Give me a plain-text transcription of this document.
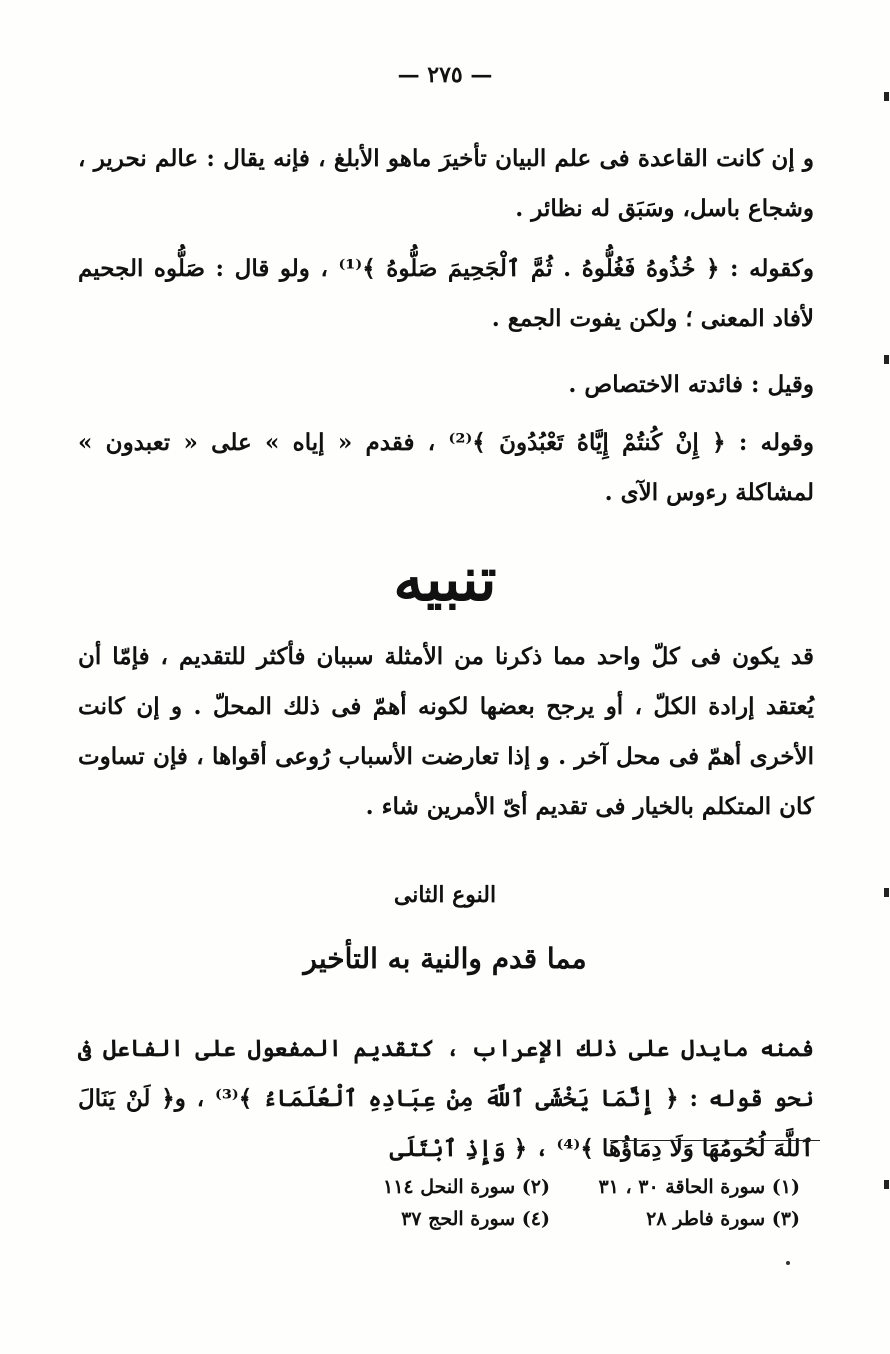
— ٢٧٥ —
و إن كانت القاعدة فى علم البيان تأخيرَ ماهو الأبلغ ، فإنه يقال : عالم نحرير ، وشجاع باسل، وسَبَق له نظائر .
وكقوله : ﴿ خُذُوهُ فَغُلُّوهُ . ثُمَّ ٱلْجَحِيمَ صَلُّوهُ ﴾⁽¹⁾ ، ولو قال : صَلُّوه الجحيم لأفاد المعنى ؛ ولكن يفوت الجمع .
وقيل : فائدته الاختصاص .
وقوله : ﴿ إِنْ كُنتُمْ إِيَّاهُ تَعْبُدُونَ ﴾⁽²⁾ ، فقدم « إياه » على « تعبدون » لمشاكلة رءوس الآى .
تنبيه
قد يكون فى كلّ واحد مما ذكرنا من الأمثلة سببان فأكثر للتقديم ، فإمّا أن يُعتقد إرادة الكلّ ، أو يرجح بعضها لكونه أهمّ فى ذلك المحلّ . و إن كانت الأخرى أهمّ فى محل آخر . و إذا تعارضت الأسباب رُوعى أقواها ، فإن تساوت كان المتكلم بالخيار فى تقديم أىّ الأمرين شاء .
النوع الثانى
مما قدم والنية به التأخير
فمنه مايدل على ذلك الإعراب ، كتقديم المفعول على الفاعل فى نحو قوله : ﴿ إِنَّمَا يَخْشَى ٱللَّهَ مِنْ عِبَادِهِ ٱلْعُلَمَاءُ ﴾⁽³⁾ ، و﴿ لَنْ يَنَالَ ٱللَّهَ لُحُومُهَا وَلَا دِمَاؤُهَا ﴾⁽⁴⁾ ، ﴿ وَإِذِ ٱبْتَلَى
(١) سورة الحاقة ٣٠ ، ٣١
(٢) سورة النحل ١١٤
(٣) سورة فاطر ٢٨
(٤) سورة الحج ٣٧
